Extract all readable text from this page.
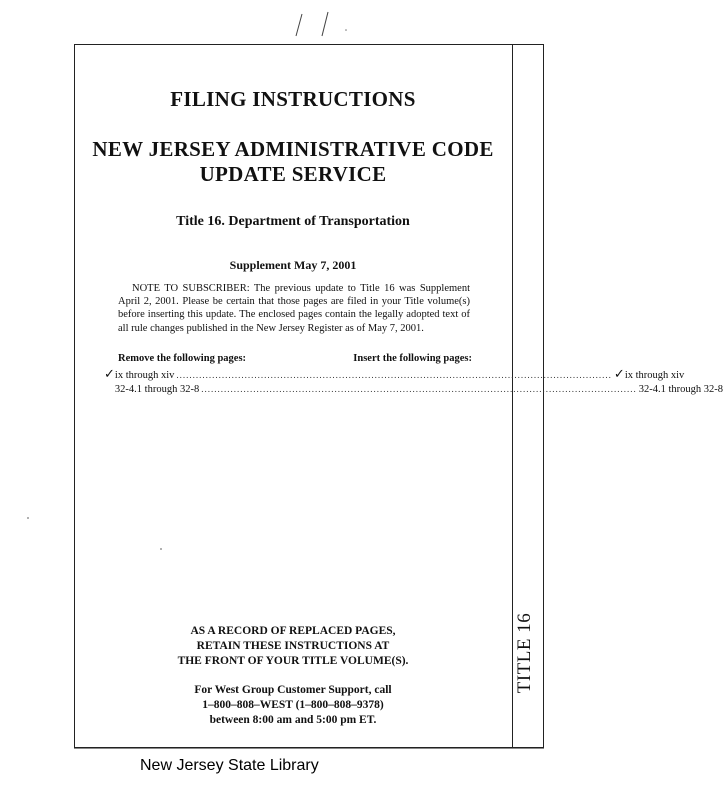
TITLE 16
FILING INSTRUCTIONS
NEW JERSEY ADMINISTRATIVE CODE
UPDATE SERVICE
Title 16. Department of Transportation
Supplement May 7, 2001
NOTE TO SUBSCRIBER: The previous update to Title 16 was Supplement April 2, 2001. Please be certain that those pages are filed in your Title volume(s) before inserting this update. The enclosed pages contain the legally adopted text of all rule changes published in the New Jersey Register as of May 7, 2001.
Remove the following pages:	Insert the following pages:
✓ ix through xiv ...................................................................................................................................... ✓ ix through xiv
32-4.1 through 32-8 ...................................................................................................................................... 32-4.1 through 32-8
AS A RECORD OF REPLACED PAGES,
RETAIN THESE INSTRUCTIONS AT
THE FRONT OF YOUR TITLE VOLUME(S).
For West Group Customer Support, call
1–800–808–WEST (1–800–808–9378)
between 8:00 am and 5:00 pm ET.
New Jersey State Library
